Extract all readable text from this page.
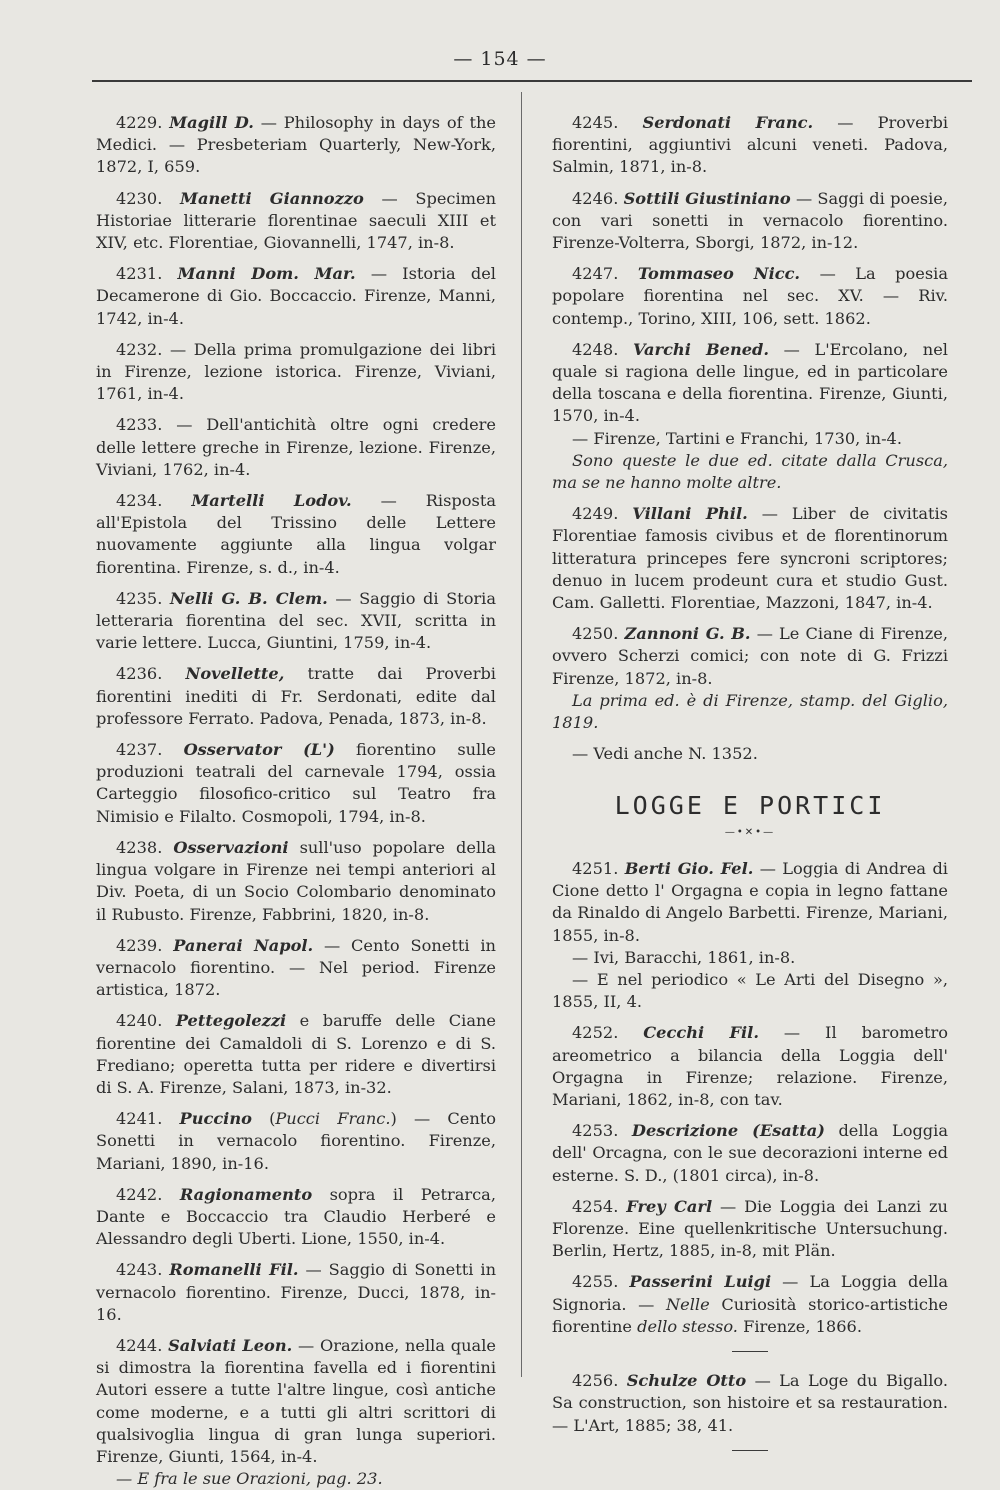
— 154 —

4229. Magill D. — Philosophy in days of the Medici. — Presbeteriam Quarterly, New-York, 1872, I, 659.

4230. Manetti Giannozzo — Specimen Historiae litterarie florentinae saeculi XIII et XIV, etc. Florentiae, Giovannelli, 1747, in-8.

4231. Manni Dom. Mar. — Istoria del Decamerone di Gio. Boccaccio. Firenze, Manni, 1742, in-4.

4232. — Della prima promulgazione dei libri in Firenze, lezione istorica. Firenze, Viviani, 1761, in-4.

4233. — Dell'antichità oltre ogni credere delle lettere greche in Firenze, lezione. Firenze, Viviani, 1762, in-4.

4234. Martelli Lodov. — Risposta all'Epistola del Trissino delle Lettere nuovamente aggiunte alla lingua volgar fiorentina. Firenze, s. d., in-4.

4235. Nelli G. B. Clem. — Saggio di Storia letteraria fiorentina del sec. XVII, scritta in varie lettere. Lucca, Giuntini, 1759, in-4.

4236. Novellette, tratte dai Proverbi fiorentini inediti di Fr. Serdonati, edite dal professore Ferrato. Padova, Penada, 1873, in-8.

4237. Osservator (L') fiorentino sulle produzioni teatrali del carnevale 1794, ossia Carteggio filosofico-critico sul Teatro fra Nimisio e Filalto. Cosmopoli, 1794, in-8.

4238. Osservazioni sull'uso popolare della lingua volgare in Firenze nei tempi anteriori al Div. Poeta, di un Socio Colombario denominato il Rubusto. Firenze, Fabbrini, 1820, in-8.

4239. Panerai Napol. — Cento Sonetti in vernacolo fiorentino. — Nel period. Firenze artistica, 1872.

4240. Pettegolezzi e baruffe delle Ciane fiorentine dei Camaldoli di S. Lorenzo e di S. Frediano; operetta tutta per ridere e divertirsi di S. A. Firenze, Salani, 1873, in-32.

4241. Puccino (Pucci Franc.) — Cento Sonetti in vernacolo fiorentino. Firenze, Mariani, 1890, in-16.

4242. Ragionamento sopra il Petrarca, Dante e Boccaccio tra Claudio Herberé e Alessandro degli Uberti. Lione, 1550, in-4.

4243. Romanelli Fil. — Saggio di Sonetti in vernacolo fiorentino. Firenze, Ducci, 1878, in-16.

4244. Salviati Leon. — Orazione, nella quale si dimostra la fiorentina favella ed i fiorentini Autori essere a tutte l'altre lingue, così antiche come moderne, e a tutti gli altri scrittori di qualsivoglia lingua di gran lunga superiori. Firenze, Giunti, 1564, in-4.

— E fra le sue Orazioni, pag. 23.

4245. Serdonati Franc. — Proverbi fiorentini, aggiuntivi alcuni veneti. Padova, Salmin, 1871, in-8.

4246. Sottili Giustiniano — Saggi di poesie, con vari sonetti in vernacolo fiorentino. Firenze-Volterra, Sborgi, 1872, in-12.

4247. Tommaseo Nicc. — La poesia popolare fiorentina nel sec. XV. — Riv. contemp., Torino, XIII, 106, sett. 1862.

4248. Varchi Bened. — L'Ercolano, nel quale si ragiona delle lingue, ed in particolare della toscana e della fiorentina. Firenze, Giunti, 1570, in-4.

— Firenze, Tartini e Franchi, 1730, in-4.

Sono queste le due ed. citate dalla Crusca, ma se ne hanno molte altre.

4249. Villani Phil. — Liber de civitatis Florentiae famosis civibus et de florentinorum litteratura princepes fere syncroni scriptores; denuo in lucem prodeunt cura et studio Gust. Cam. Galletti. Florentiae, Mazzoni, 1847, in-4.

4250. Zannoni G. B. — Le Ciane di Firenze, ovvero Scherzi comici; con note di G. Frizzi Firenze, 1872, in-8.

La prima ed. è di Firenze, stamp. del Giglio, 1819.

— Vedi anche N. 1352.

LOGGE E PORTICI
—•✕•—

4251. Berti Gio. Fel. — Loggia di Andrea di Cione detto l' Orgagna e copia in legno fattane da Rinaldo di Angelo Barbetti. Firenze, Mariani, 1855, in-8.

— Ivi, Baracchi, 1861, in-8.

— E nel periodico « Le Arti del Disegno », 1855, II, 4.

4252. Cecchi Fil. — Il barometro areometrico a bilancia della Loggia dell' Orgagna in Firenze; relazione. Firenze, Mariani, 1862, in-8, con tav.

4253. Descrizione (Esatta) della Loggia dell' Orcagna, con le sue decorazioni interne ed esterne. S. D., (1801 circa), in-8.

4254. Frey Carl — Die Loggia dei Lanzi zu Florenze. Eine quellenkritische Untersuchung. Berlin, Hertz, 1885, in-8, mit Plän.

4255. Passerini Luigi — La Loggia della Signoria. — Nelle Curiosità storico-artistiche fiorentine dello stesso. Firenze, 1866.

4256. Schulze Otto — La Loge du Bigallo. Sa construction, son histoire et sa restauration. — L'Art, 1885; 38, 41.
